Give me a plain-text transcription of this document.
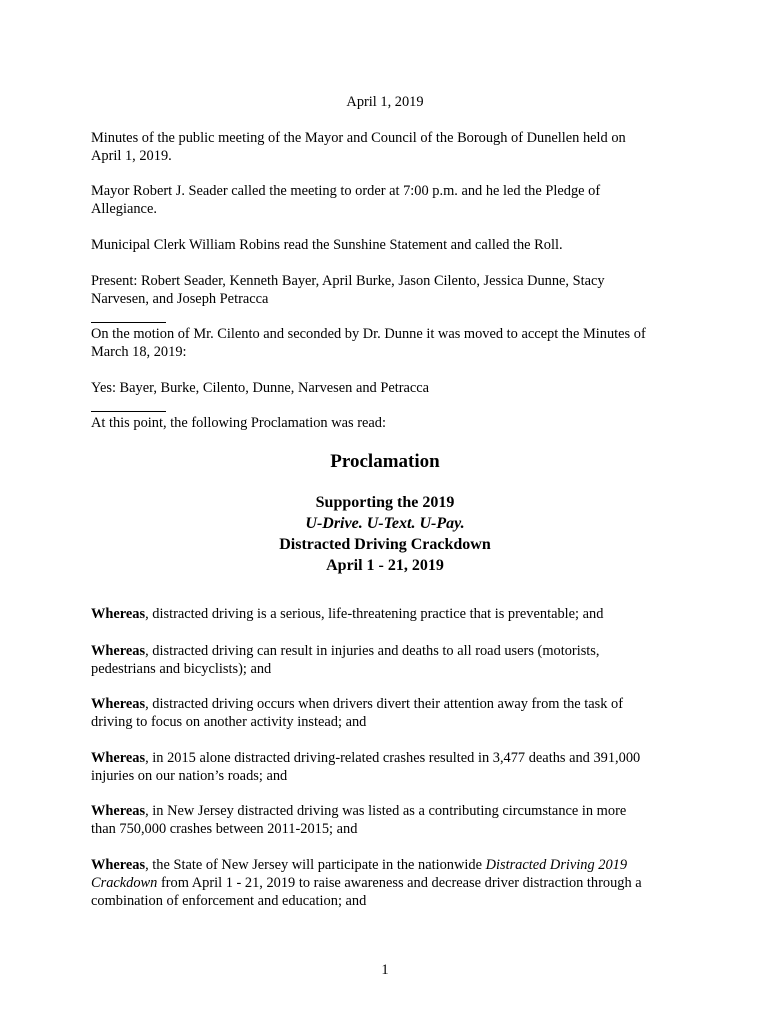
April 1, 2019
Minutes of the public meeting of the Mayor and Council of the Borough of Dunellen held on
April 1, 2019.
Mayor Robert J. Seader called the meeting to order at 7:00 p.m. and he led the Pledge of
Allegiance.
Municipal Clerk William Robins read the Sunshine Statement and called the Roll.
Present: Robert Seader, Kenneth Bayer, April Burke, Jason Cilento, Jessica Dunne, Stacy
Narvesen, and Joseph Petracca
On the motion of Mr. Cilento and seconded by Dr. Dunne it was moved to accept the Minutes of
March 18, 2019:
Yes: Bayer, Burke, Cilento, Dunne, Narvesen and Petracca
At this point, the following Proclamation was read:
Proclamation
Supporting the 2019
U-Drive. U-Text. U-Pay.
Distracted Driving Crackdown
April 1 - 21, 2019
Whereas, distracted driving is a serious, life-threatening practice that is preventable; and
Whereas, distracted driving can result in injuries and deaths to all road users (motorists,
pedestrians and bicyclists); and
Whereas, distracted driving occurs when drivers divert their attention away from the task of
driving to focus on another activity instead; and
Whereas, in 2015 alone distracted driving-related crashes resulted in 3,477 deaths and 391,000
injuries on our nation’s roads; and
Whereas, in New Jersey distracted driving was listed as a contributing circumstance in more
than 750,000 crashes between 2011-2015; and
Whereas, the State of New Jersey will participate in the nationwide Distracted Driving 2019
Crackdown from April 1 - 21, 2019 to raise awareness and decrease driver distraction through a
combination of enforcement and education; and
1
